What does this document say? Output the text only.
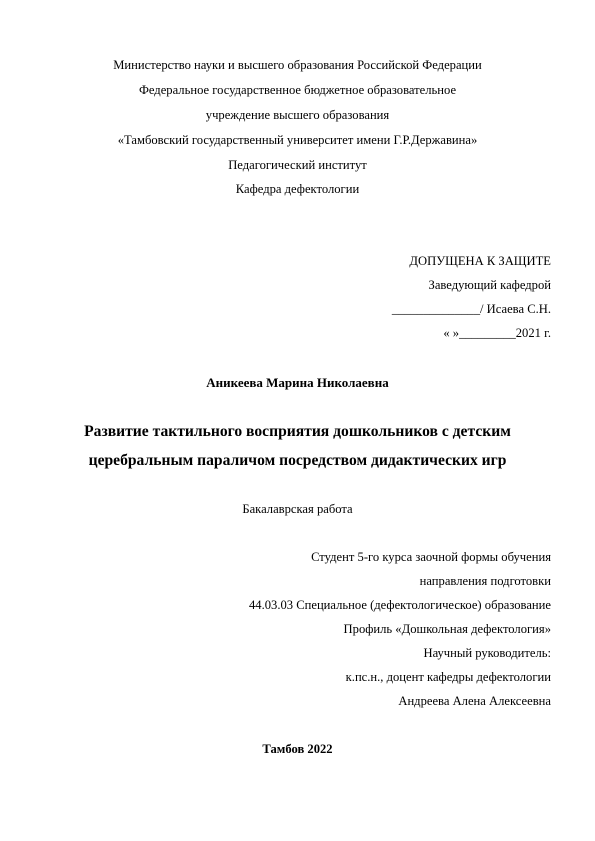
Министерство науки и высшего образования Российской Федерации
Федеральное государственное бюджетное образовательное
учреждение высшего образования
«Тамбовский государственный университет имени Г.Р.Державина»
Педагогический институт
Кафедра дефектологии
ДОПУЩЕНА К ЗАЩИТЕ
Заведующий кафедрой
______________/ Исаева С.Н.
« »_________2021 г.
Аникеева Марина Николаевна
Развитие тактильного восприятия дошкольников с детским
церебральным параличом посредством дидактических игр
Бакалаврская работа
Студент 5-го курса заочной формы обучения
направления подготовки
44.03.03 Специальное (дефектологическое) образование
Профиль «Дошкольная дефектология»
Научный руководитель:
к.пс.н., доцент кафедры дефектологии
Андреева Алена Алексеевна
Тамбов 2022
